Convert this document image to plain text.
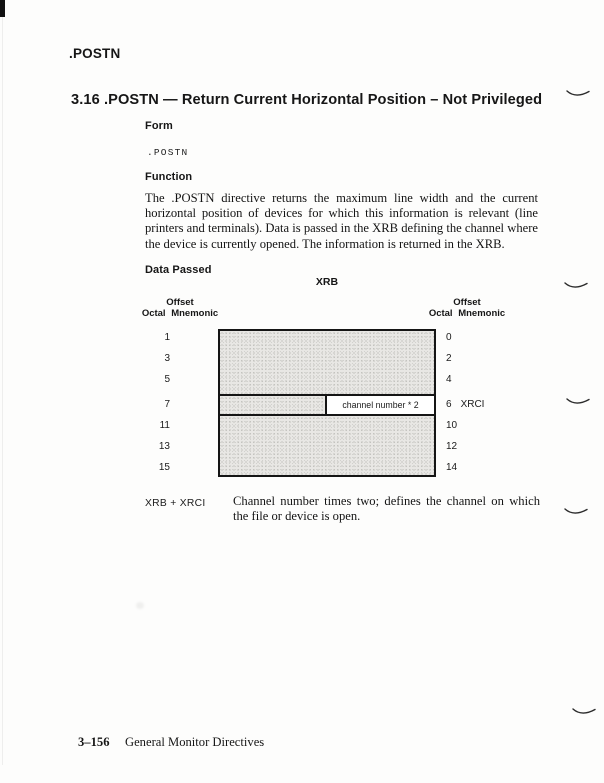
.POSTN
3.16 .POSTN — Return Current Horizontal Position – Not Privileged
Form
.POSTN
Function
The .POSTN directive returns the maximum line width and the current horizontal position of devices for which this information is relevant (line printers and terminals). Data is passed in the XRB defining the channel where the device is currently opened. The information is returned in the XRB.
Data Passed
XRB
Offset
Octal Mnemonic
Offset
Octal Mnemonic
channel number * 2
1
3
5
7
11
13
15
0
2
4
6 XRCI
10
12
14
XRB + XRCI Channel number times two; defines the channel on which the file or device is open.
3–156 General Monitor Directives
